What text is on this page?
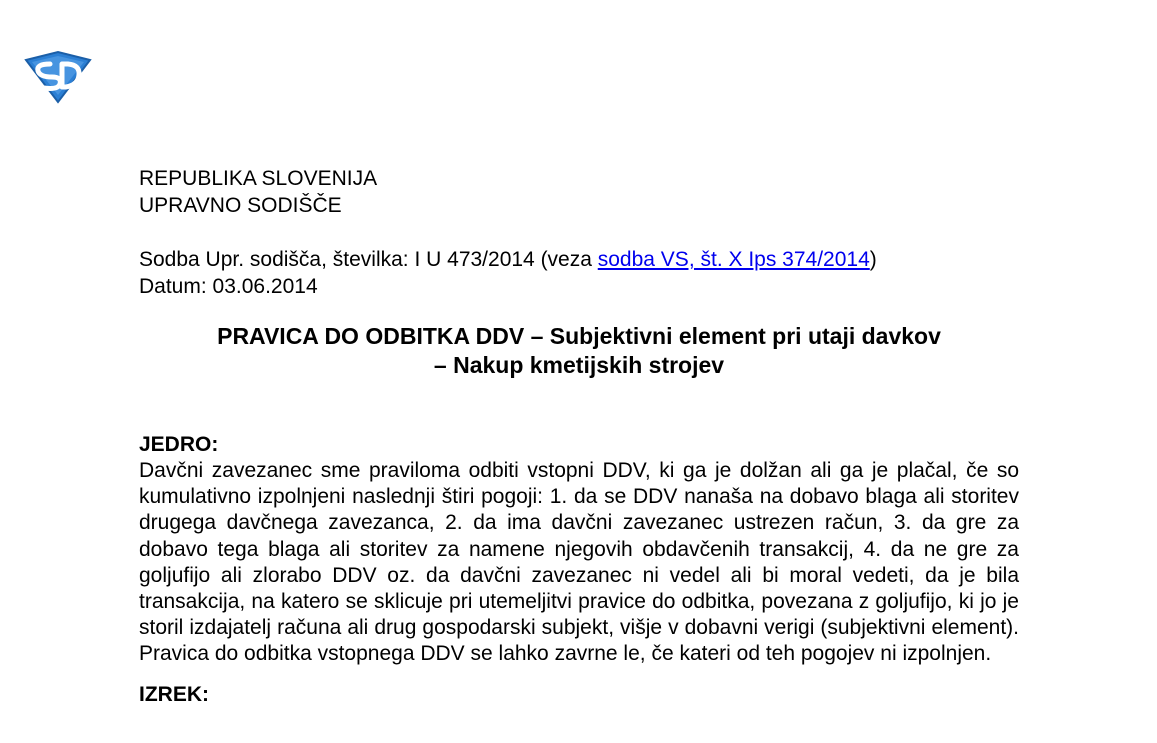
REPUBLIKA SLOVENIJA
UPRAVNO SODIŠČE
Sodba Upr. sodišča, številka: I U 473/2014 (veza sodba VS, št. X Ips 374/2014)
Datum: 03.06.2014
PRAVICA DO ODBITKA DDV – Subjektivni element pri utaji davkov
– Nakup kmetijskih strojev
JEDRO:

Davčni zavezanec sme praviloma odbiti vstopni DDV, ki ga je dolžan ali ga je plačal, če so kumulativno izpolnjeni naslednji štiri pogoji: 1. da se DDV nanaša na dobavo blaga ali storitev drugega davčnega zavezanca, 2. da ima davčni zavezanec ustrezen račun, 3. da gre za dobavo tega blaga ali storitev za namene njegovih obdavčenih transakcij, 4. da ne gre za goljufijo ali zlorabo DDV oz. da davčni zavezanec ni vedel ali bi moral vedeti, da je bila transakcija, na katero se sklicuje pri utemeljitvi pravice do odbitka, povezana z goljufijo, ki jo je storil izdajatelj računa ali drug gospodarski subjekt, višje v dobavni verigi (subjektivni element). Pravica do odbitka vstopnega DDV se lahko zavrne le, če kateri od teh pogojev ni izpolnjen.

IZREK:
